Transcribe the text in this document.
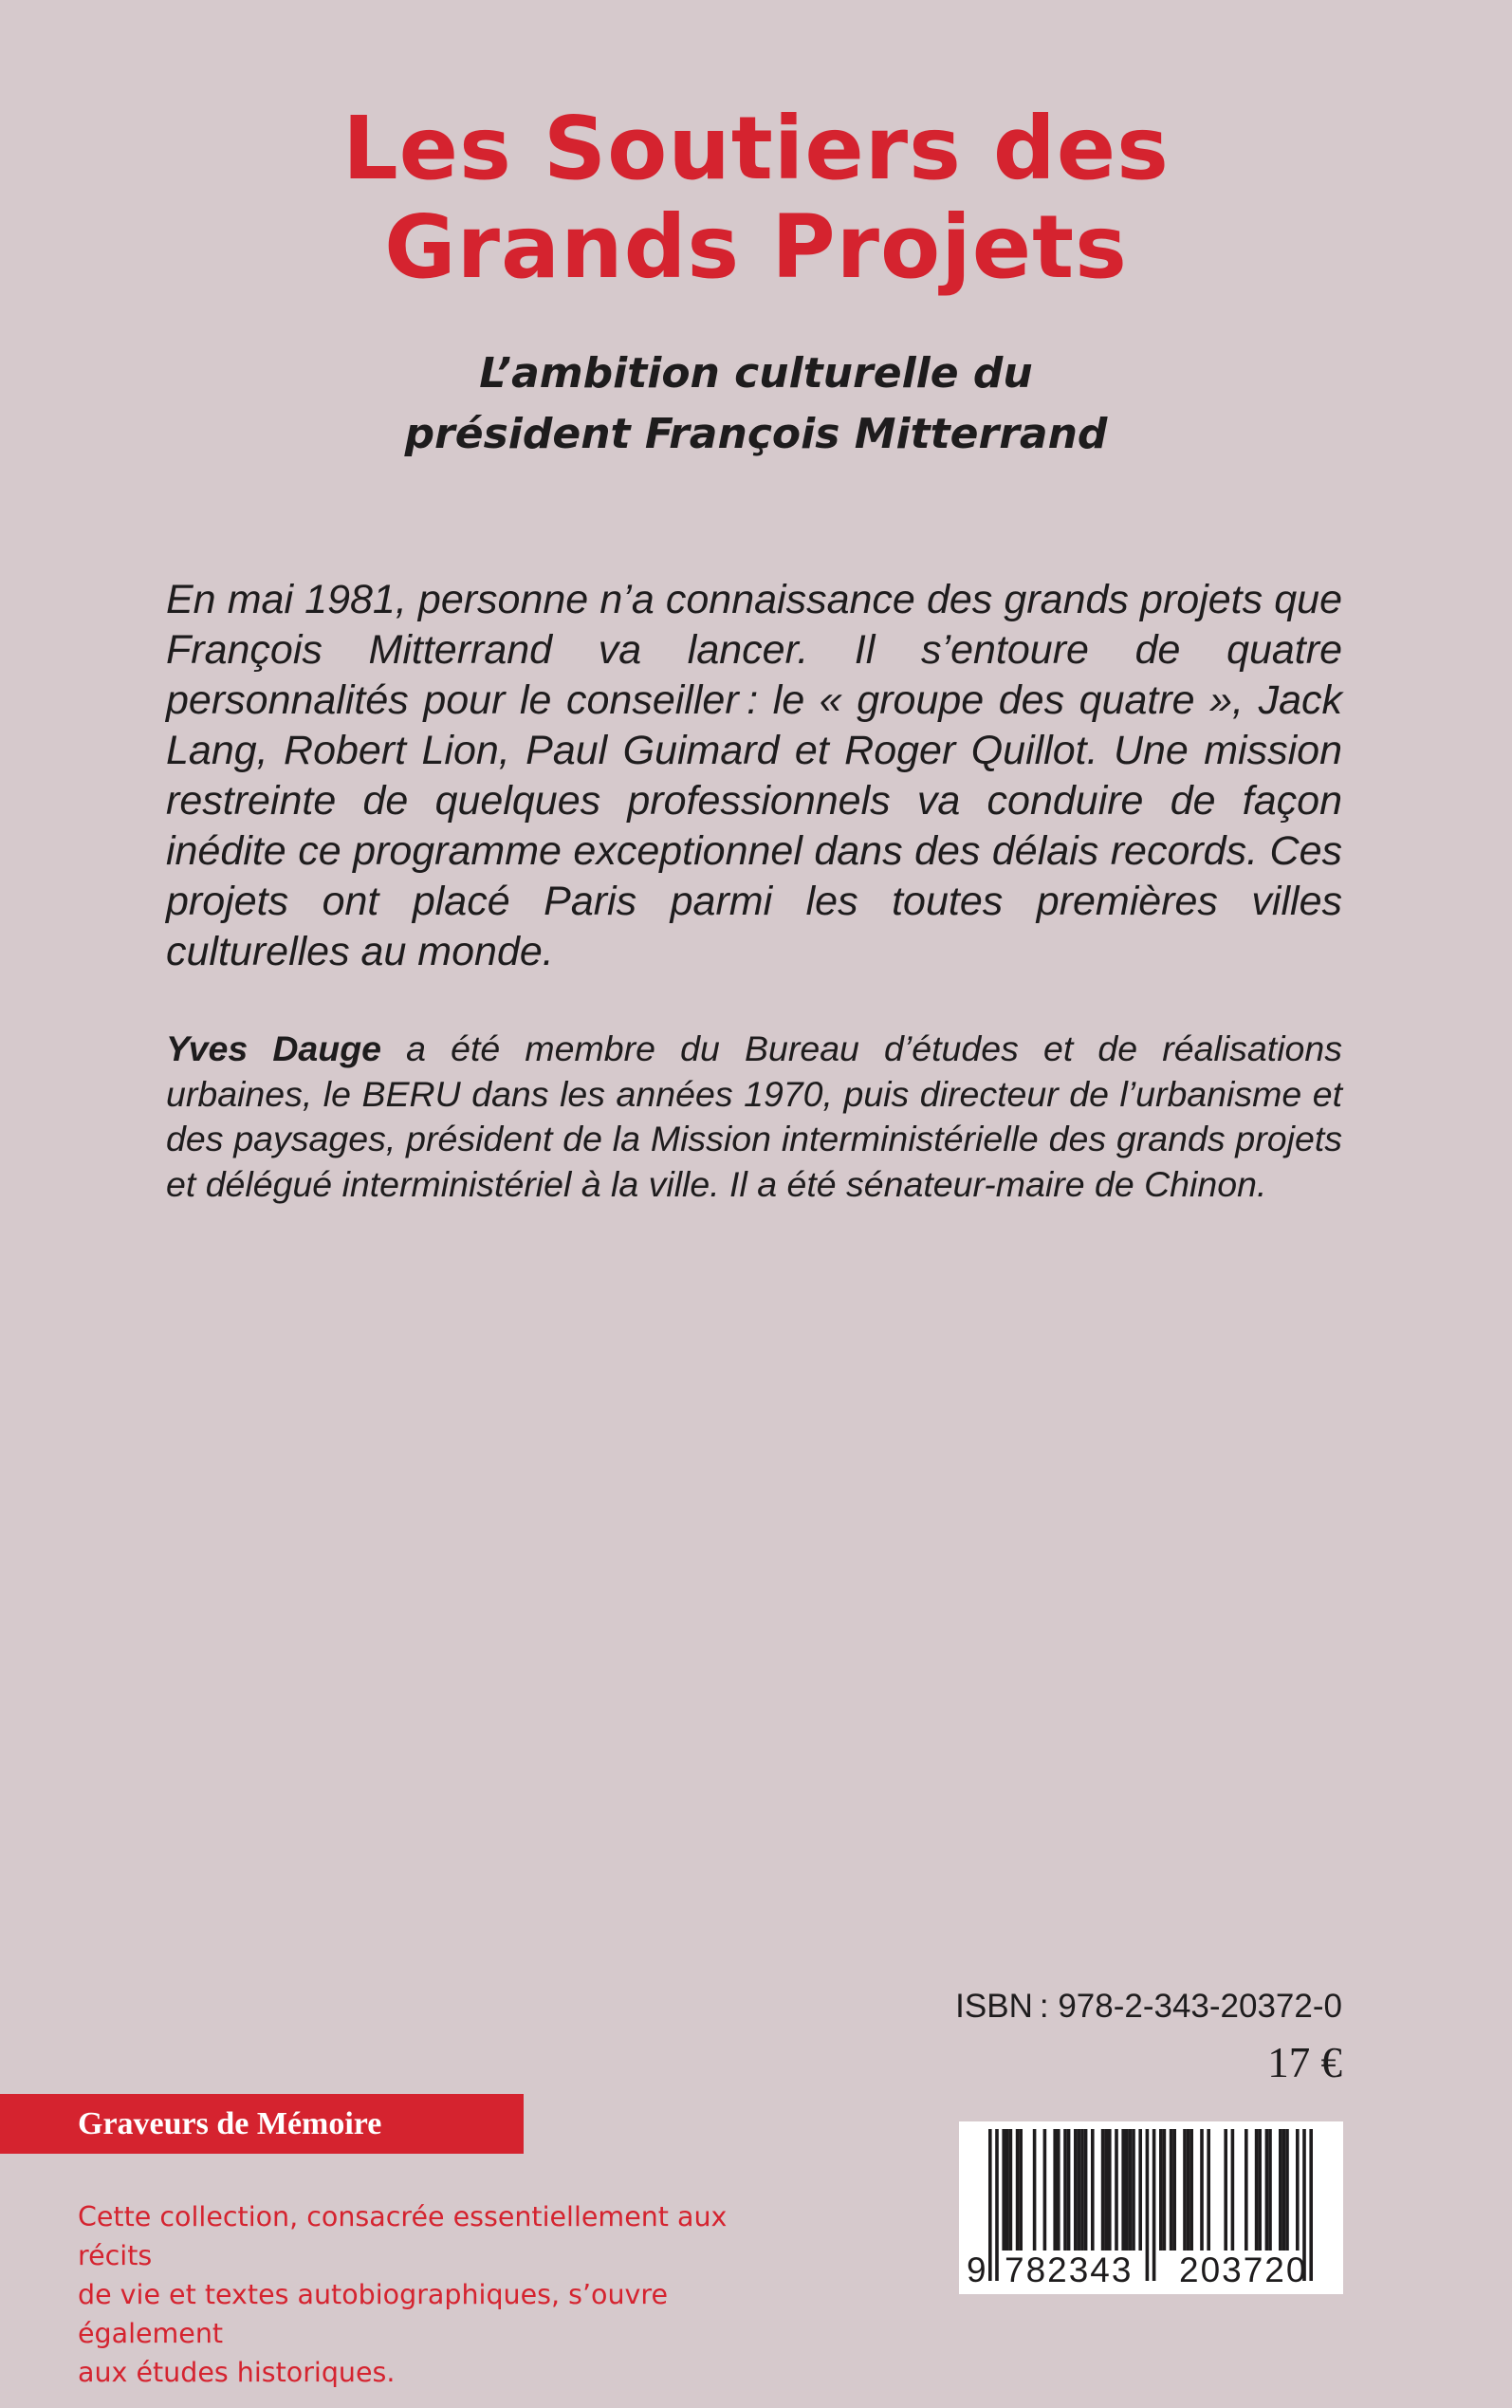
Les Soutiers des
Grands Projets
L’ambition culturelle du
président François Mitterrand

En mai 1981, personne n’a connaissance des grands projets que François Mitterrand va lancer. Il s’entoure de quatre personnalités pour le conseiller : le « groupe des quatre », Jack Lang, Robert Lion, Paul Guimard et Roger Quillot. Une mission restreinte de quelques professionnels va conduire de façon inédite ce programme exceptionnel dans des délais records. Ces projets ont placé Paris parmi les toutes premières villes culturelles au monde.

Yves Dauge a été membre du Bureau d’études et de réalisations urbaines, le BERU dans les années 1970, puis directeur de l’urbanisme et des paysages, président de la Mission interministérielle des grands projets et délégué interministériel à la ville. Il a été sénateur-maire de Chinon.

ISBN : 978-2-343-20372-0
17 €
Graveurs de Mémoire

Cette collection, consacrée essentiellement aux récits
de vie et textes autobiographiques, s’ouvre également
aux études historiques.

9 782343 203720
